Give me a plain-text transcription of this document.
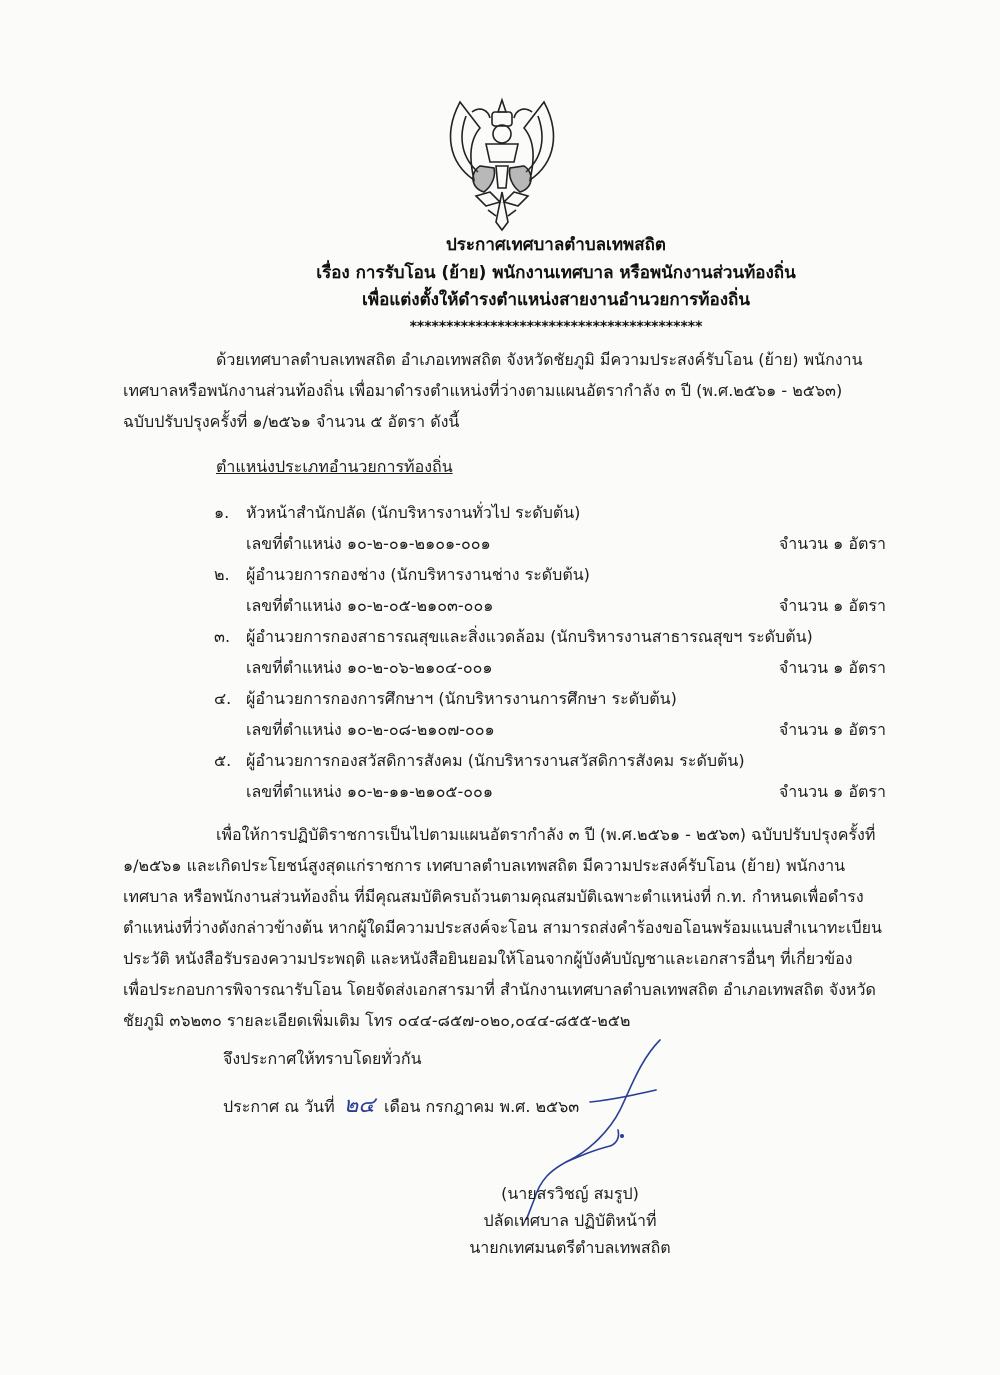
ประกาศเทศบาลตำบลเทพสถิต
เรื่อง การรับโอน (ย้าย) พนักงานเทศบาล หรือพนักงานส่วนท้องถิ่น
เพื่อแต่งตั้งให้ดำรงตำแหน่งสายงานอำนวยการท้องถิ่น
****************************************
ด้วยเทศบาลตำบลเทพสถิต อำเภอเทพสถิต จังหวัดชัยภูมิ มีความประสงค์รับโอน (ย้าย) พนักงาน
เทศบาลหรือพนักงานส่วนท้องถิ่น เพื่อมาดำรงตำแหน่งที่ว่างตามแผนอัตรากำลัง ๓ ปี (พ.ศ.๒๕๖๑ - ๒๕๖๓)
ฉบับปรับปรุงครั้งที่ ๑/๒๕๖๑ จำนวน ๕ อัตรา ดังนี้
ตำแหน่งประเภทอำนวยการท้องถิ่น
๑.	หัวหน้าสำนักปลัด (นักบริหารงานทั่วไป ระดับต้น)
เลขที่ตำแหน่ง ๑๐-๒-๐๑-๒๑๐๑-๐๐๑	จำนวน ๑ อัตรา
๒.	ผู้อำนวยการกองช่าง (นักบริหารงานช่าง ระดับต้น)
เลขที่ตำแหน่ง ๑๐-๒-๐๕-๒๑๐๓-๐๐๑	จำนวน ๑ อัตรา
๓. ผู้อำนวยการกองสาธารณสุขและสิ่งแวดล้อม (นักบริหารงานสาธารณสุขฯ ระดับต้น)
เลขที่ตำแหน่ง ๑๐-๒-๐๖-๒๑๐๔-๐๐๑	จำนวน ๑ อัตรา
๔. ผู้อำนวยการกองการศึกษาฯ (นักบริหารงานการศึกษา ระดับต้น)
เลขที่ตำแหน่ง ๑๐-๒-๐๘-๒๑๐๗-๐๐๑	จำนวน ๑ อัตรา
๕. ผู้อำนวยการกองสวัสดิการสังคม (นักบริหารงานสวัสดิการสังคม ระดับต้น)
เลขที่ตำแหน่ง ๑๐-๒-๑๑-๒๑๐๕-๐๐๑	จำนวน ๑ อัตรา
เพื่อให้การปฏิบัติราชการเป็นไปตามแผนอัตรากำลัง ๓ ปี (พ.ศ.๒๕๖๑ - ๒๕๖๓) ฉบับปรับปรุงครั้งที่
๑/๒๕๖๑ และเกิดประโยชน์สูงสุดแก่ราชการ เทศบาลตำบลเทพสถิต มีความประสงค์รับโอน (ย้าย) พนักงาน
เทศบาล หรือพนักงานส่วนท้องถิ่น ที่มีคุณสมบัติครบถ้วนตามคุณสมบัติเฉพาะตำแหน่งที่ ก.ท. กำหนดเพื่อดำรง
ตำแหน่งที่ว่างดังกล่าวข้างต้น หากผู้ใดมีความประสงค์จะโอน สามารถส่งคำร้องขอโอนพร้อมแนบสำเนาทะเบียน
ประวัติ หนังสือรับรองความประพฤติ และหนังสือยินยอมให้โอนจากผู้บังคับบัญชาและเอกสารอื่นๆ ที่เกี่ยวข้อง
เพื่อประกอบการพิจารณารับโอน โดยจัดส่งเอกสารมาที่ สำนักงานเทศบาลตำบลเทพสถิต อำเภอเทพสถิต จังหวัด
ชัยภูมิ ๓๖๒๓๐ รายละเอียดเพิ่มเติม โทร ๐๔๔-๘๕๗-๐๒๐,๐๔๔-๘๕๕-๒๕๒
จึงประกาศให้ทราบโดยทั่วกัน
ประกาศ ณ วันที่ ๒๔ เดือน กรกฎาคม พ.ศ. ๒๕๖๓
(นายสรวิชญ์ สมรูป)
ปลัดเทศบาล ปฏิบัติหน้าที่
นายกเทศมนตรีตำบลเทพสถิต
